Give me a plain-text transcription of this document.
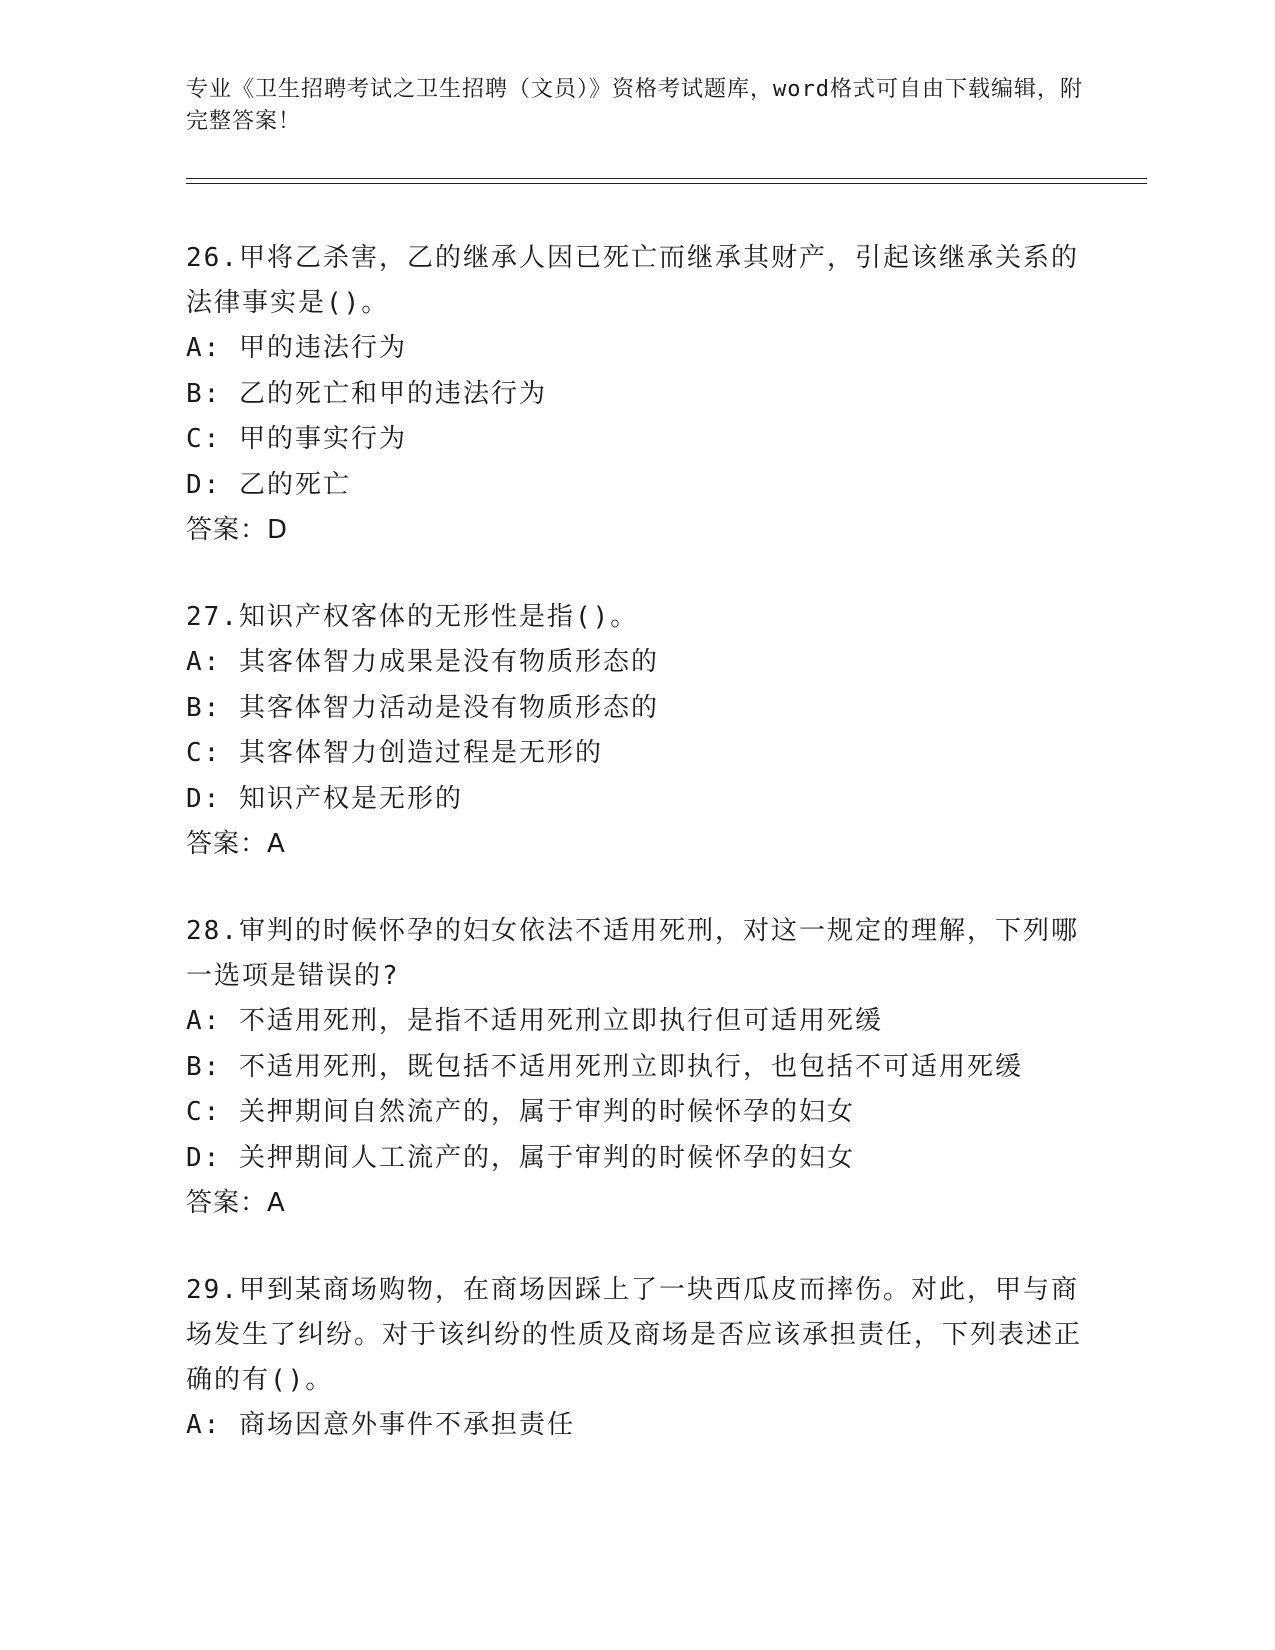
专业《卫生招聘考试之卫生招聘（文员）》资格考试题库，word格式可自由下载编辑，附完整答案！
26.甲将乙杀害，乙的继承人因已死亡而继承其财产，引起该继承关系的法律事实是()。
A: 甲的违法行为
B: 乙的死亡和甲的违法行为
C: 甲的事实行为
D: 乙的死亡
答案：D
27.知识产权客体的无形性是指()。
A: 其客体智力成果是没有物质形态的
B: 其客体智力活动是没有物质形态的
C: 其客体智力创造过程是无形的
D: 知识产权是无形的
答案：A
28.审判的时候怀孕的妇女依法不适用死刑，对这一规定的理解，下列哪一选项是错误的?
A: 不适用死刑，是指不适用死刑立即执行但可适用死缓
B: 不适用死刑，既包括不适用死刑立即执行，也包括不可适用死缓
C: 关押期间自然流产的，属于审判的时候怀孕的妇女
D: 关押期间人工流产的，属于审判的时候怀孕的妇女
答案：A
29.甲到某商场购物，在商场因踩上了一块西瓜皮而摔伤。对此，甲与商场发生了纠纷。对于该纠纷的性质及商场是否应该承担责任，下列表述正确的有()。
A: 商场因意外事件不承担责任
